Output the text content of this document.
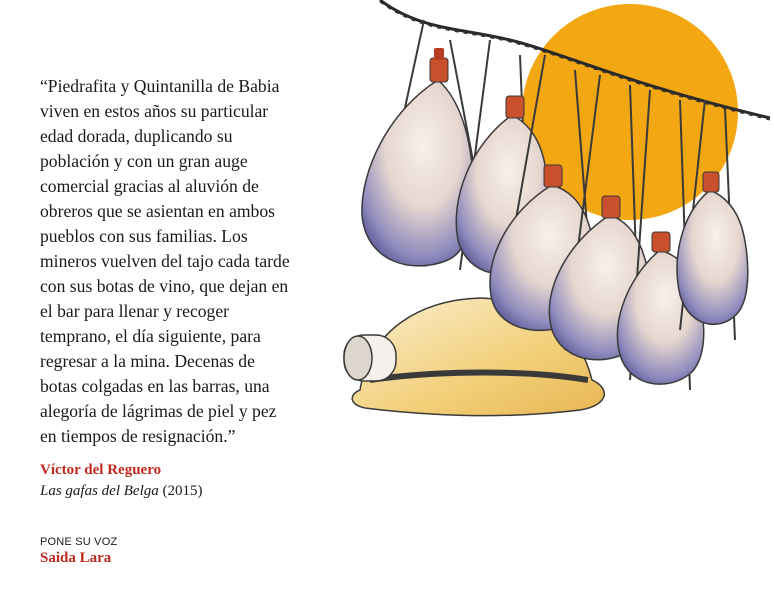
“Piedrafita y Quintanilla de Babia
viven en estos años su particular
edad dorada, duplicando su
población y con un gran auge
comercial gracias al aluvión de
obreros que se asientan en ambos
pueblos con sus familias. Los
mineros vuelven del tajo cada tarde
con sus botas de vino, que dejan en
el bar para llenar y recoger
temprano, el día siguiente, para
regresar a la mina. Decenas de
botas colgadas en las barras, una
alegoría de lágrimas de piel y pez
en tiempos de resignación.”

Víctor del Reguero

Las gafas del Belga (2015)

PONE SU VOZ

Saida Lara
